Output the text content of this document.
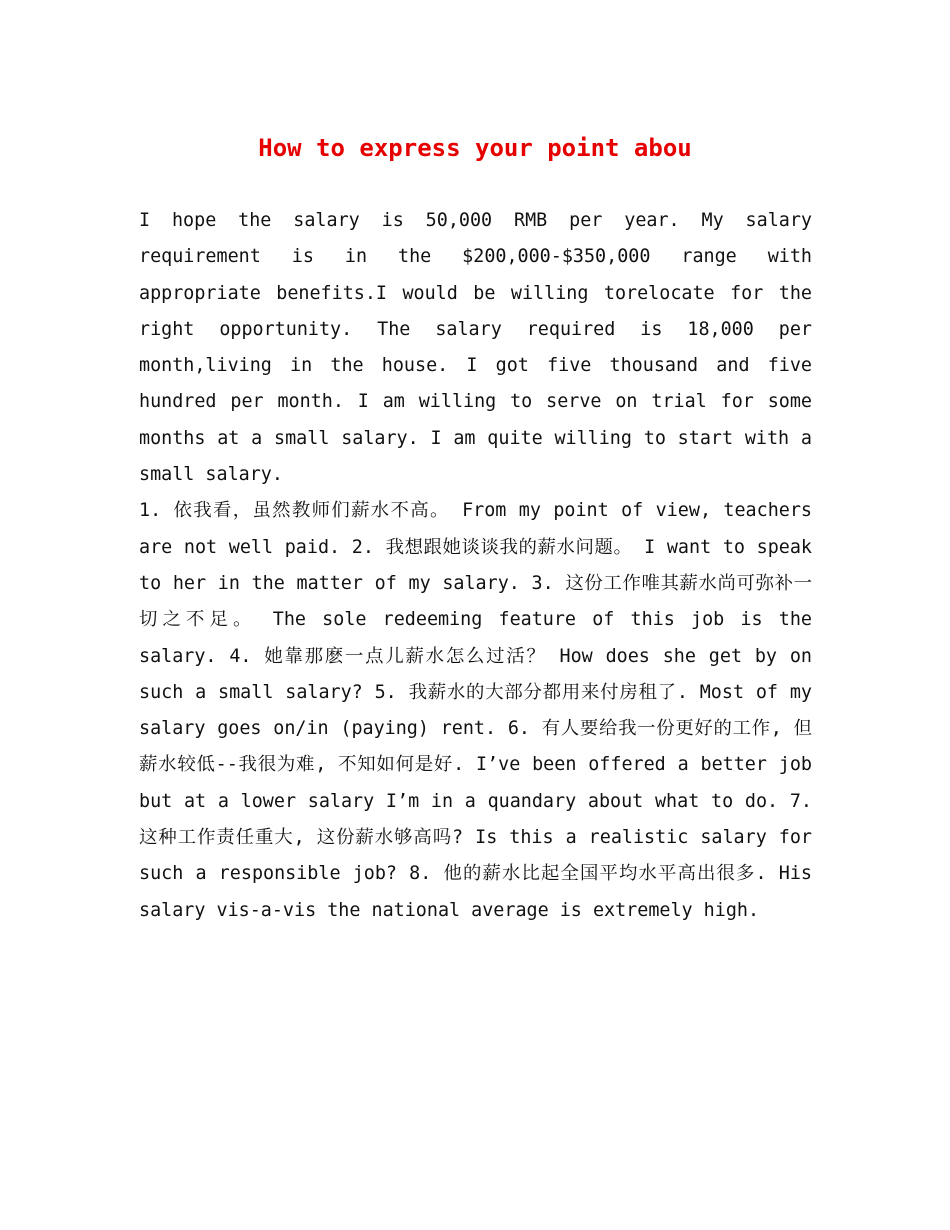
How to express your point abou

I hope the salary is 50,000 RMB per year. My salary requirement is in the $200,000-$350,000 range with appropriate benefits.I would be willing torelocate for the right opportunity. The salary required is 18,000 per month,living in the house. I got five thousand and five hundred per month. I am willing to serve on trial for some months at a small salary. I am quite willing to start with a small salary.

1. 依我看，虽然教师们薪水不高。 From my point of view, teachers are not well paid. 2. 我想跟她谈谈我的薪水问题。 I want to speak to her in the matter of my salary. 3. 这份工作唯其薪水尚可弥补一切之不足。 The sole redeeming feature of this job is the salary. 4. 她靠那麽一点儿薪水怎么过活？ How does she get by on such a small salary? 5. 我薪水的大部分都用来付房租了. Most of my salary goes on/in (paying) rent. 6. 有人要给我一份更好的工作, 但薪水较低--我很为难, 不知如何是好. I’ve been offered a better job but at a lower salary I’m in a quandary about what to do. 7. 这种工作责任重大, 这份薪水够高吗? Is this a realistic salary for such a responsible job? 8. 他的薪水比起全国平均水平高出很多. His salary vis-a-vis the national average is extremely high.
